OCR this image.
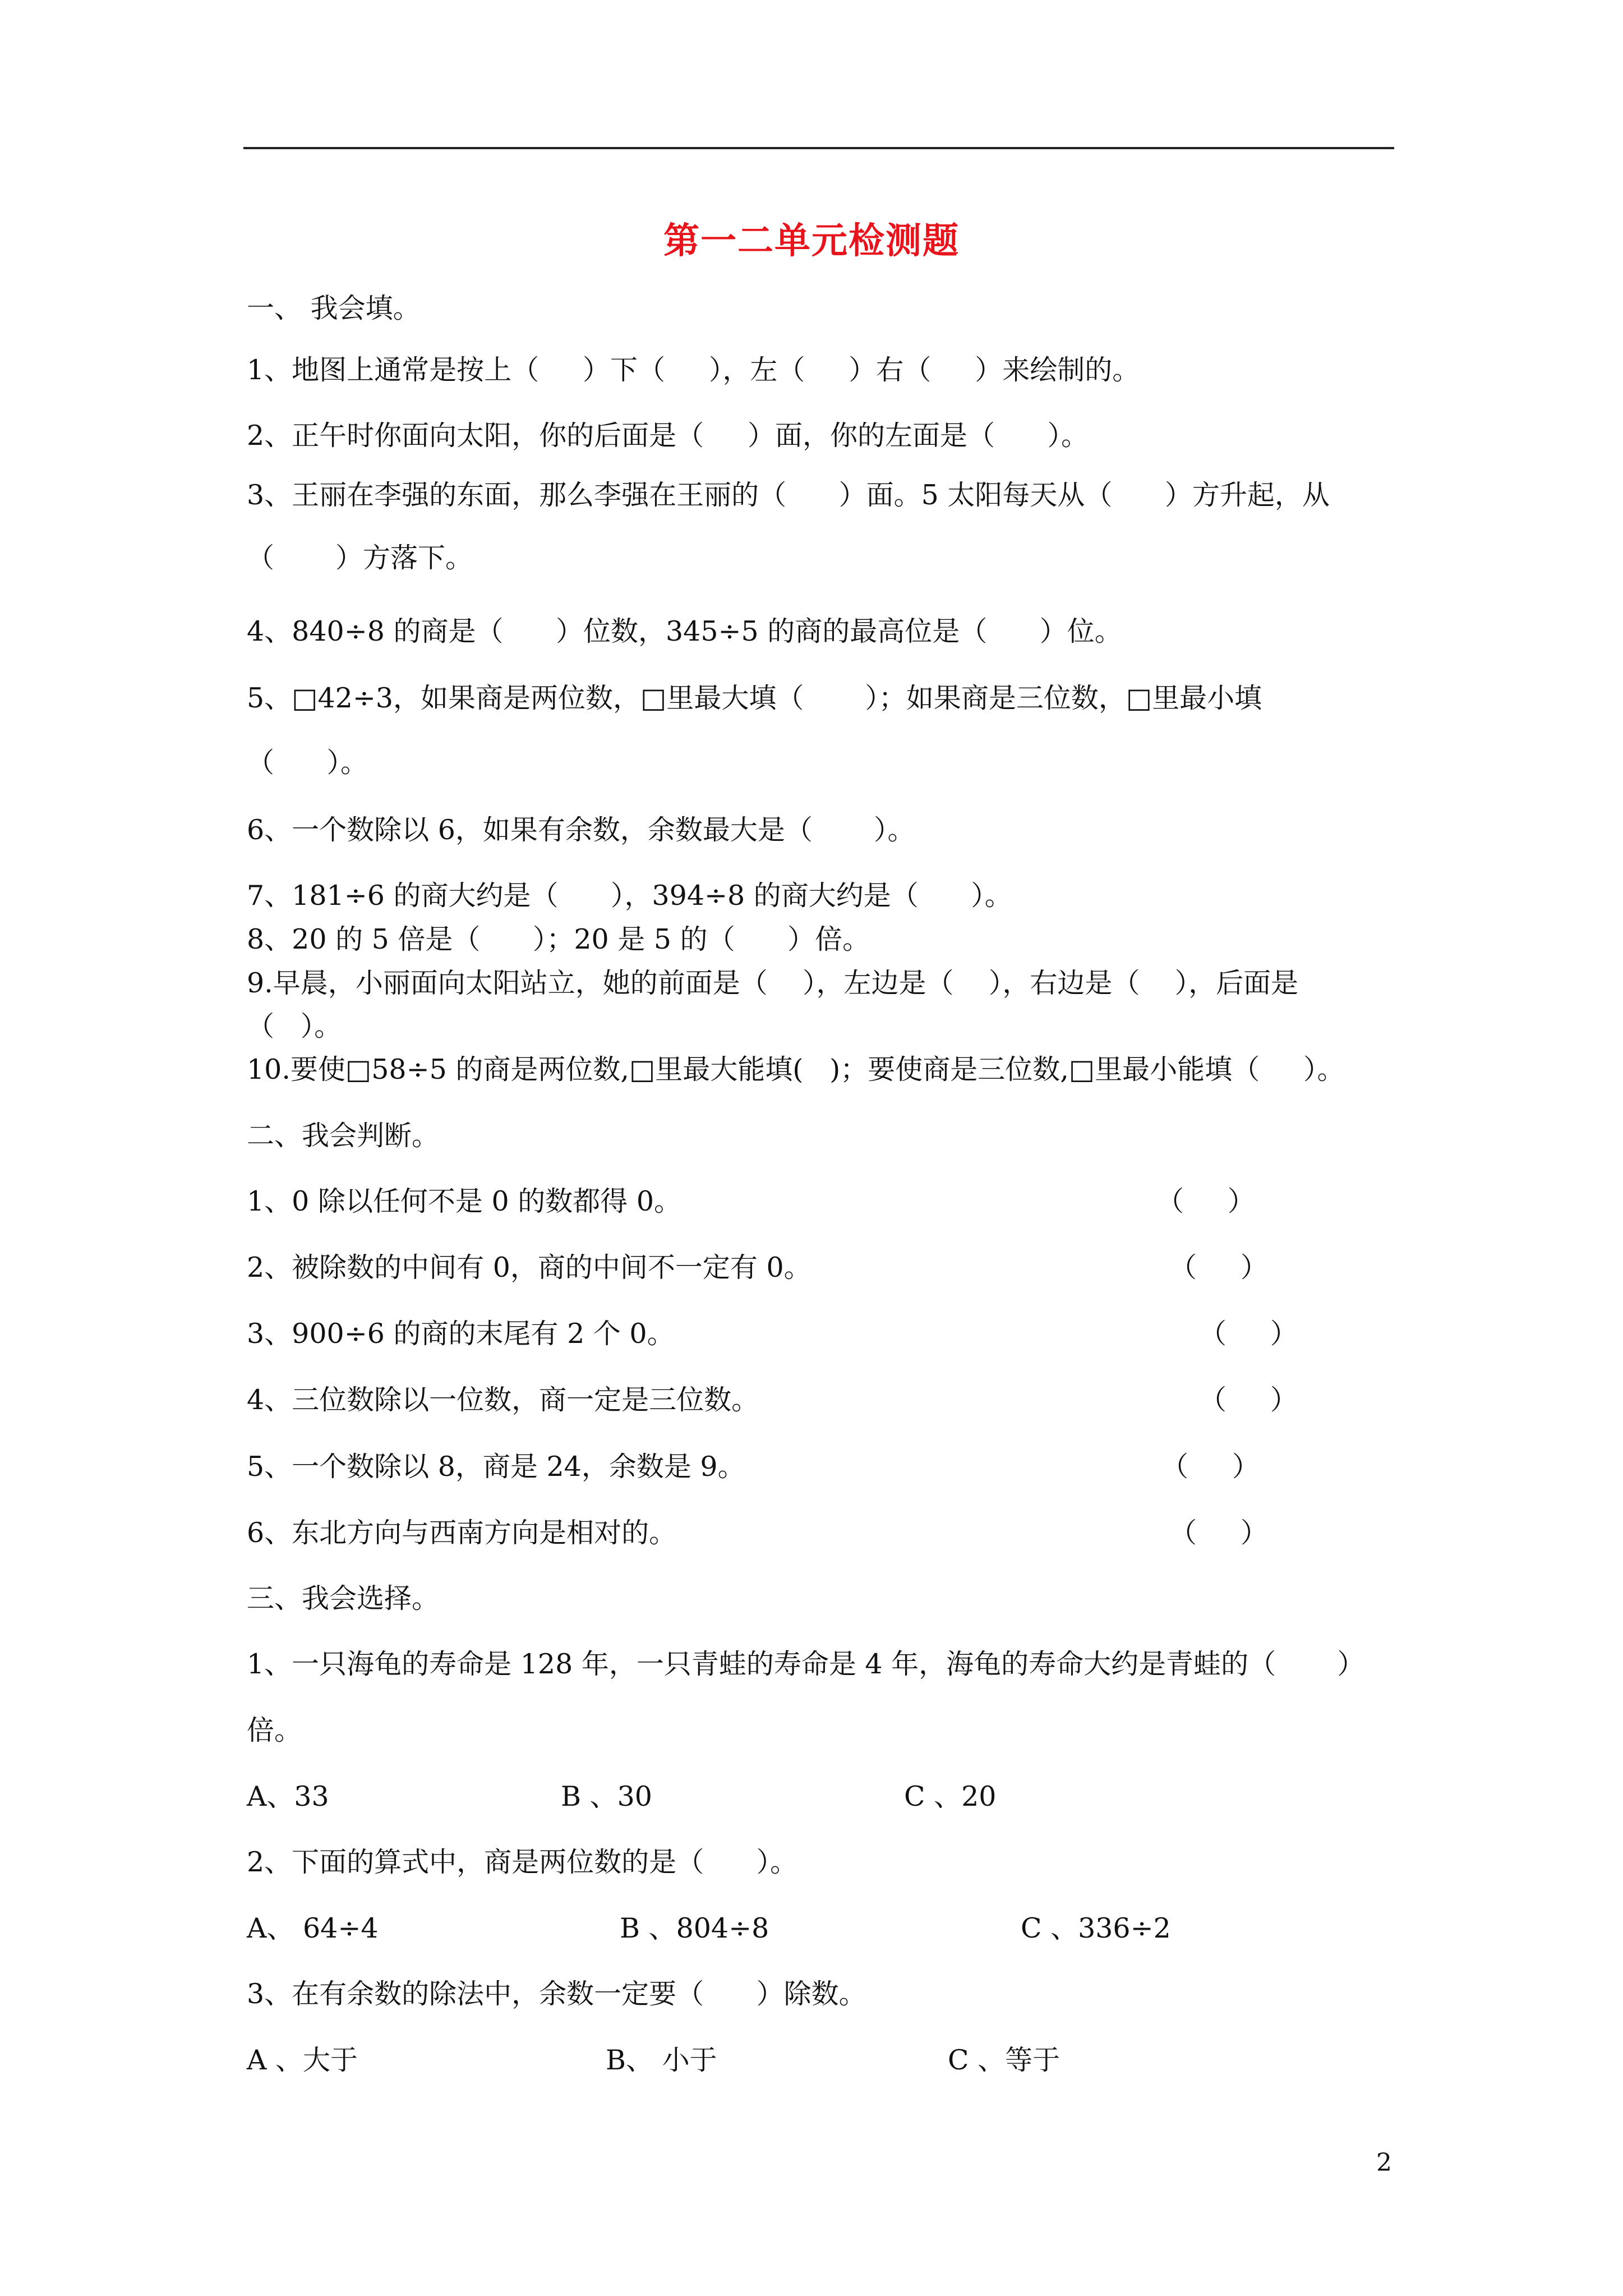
第一二单元检测题
一、 我会填。
1、地图上通常是按上（     ）下（     ），左（     ）右（     ）来绘制的。
2、正午时你面向太阳，你的后面是（     ）面，你的左面是（      ）。
3、王丽在李强的东面，那么李强在王丽的（      ）面。5 太阳每天从（      ）方升起，从
（       ）方落下。
4、840÷8 的商是（      ）位数，345÷5 的商的最高位是（      ）位。
5、□42÷3，如果商是两位数，□里最大填（       ）；如果商是三位数，□里最小填
（      ）。
6、一个数除以 6，如果有余数，余数最大是（       ）。
7、181÷6 的商大约是（      ），394÷8 的商大约是（      ）。
8、20 的 5 倍是（      ）；20 是 5 的（      ）倍。
9.早晨，小丽面向太阳站立，她的前面是（    ），左边是（    ），右边是（    ），后面是
（   ）。
10.要使□58÷5 的商是两位数,□里最大能填(   )；要使商是三位数,□里最小能填（     ）。
二、我会判断。
1、0 除以任何不是 0 的数都得 0。	（     ）
2、被除数的中间有 0，商的中间不一定有 0。	（     ）
3、900÷6 的商的末尾有 2 个 0。	（     ）
4、三位数除以一位数，商一定是三位数。	（     ）
5、一个数除以 8，商是 24，余数是 9。	（     ）
6、东北方向与西南方向是相对的。	（     ）
三、我会选择。
1、一只海龟的寿命是 128 年，一只青蛙的寿命是 4 年，海龟的寿命大约是青蛙的（       ）
倍。
A、33	B 、30	C 、20
2、下面的算式中，商是两位数的是（      ）。
A、 64÷4	B 、804÷8	C 、336÷2
3、在有余数的除法中，余数一定要（      ）除数。
A 、大于	B、 小于	C 、等于
2
